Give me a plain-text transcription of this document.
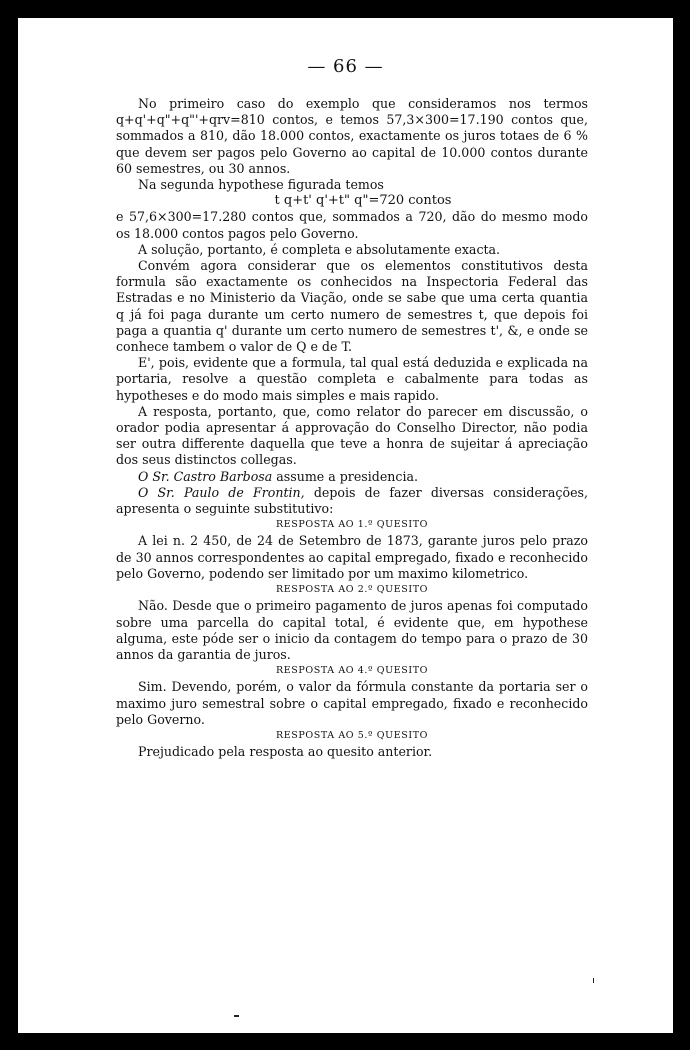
— 66 —

No primeiro caso do exemplo que consideramos nos termos q+q'+q"+q"'+qrv=810 contos, e temos 57,3×300=17.190 contos que, sommados a 810, dão 18.000 contos, exactamente os juros totaes de 6 % que devem ser pagos pelo Governo ao capital de 10.000 contos durante 60 semestres, ou 30 annos.

Na segunda hypothese figurada temos

t q+t' q'+t" q"=720 contos

e 57,6×300=17.280 contos que, sommados a 720, dão do mesmo modo os 18.000 contos pagos pelo Governo.

A solução, portanto, é completa e absolutamente exacta.

Convém agora considerar que os elementos constitutivos desta formula são exactamente os conhecidos na Inspectoria Federal das Estradas e no Ministerio da Viação, onde se sabe que uma certa quantia q já foi paga durante um certo numero de semestres t, que depois foi paga a quantia q' durante um certo numero de semestres t', &, e onde se conhece tambem o valor de Q e de T.

E', pois, evidente que a formula, tal qual está deduzida e explicada na portaria, resolve a questão completa e cabalmente para todas as hypotheses e do modo mais simples e mais rapido.

A resposta, portanto, que, como relator do parecer em discussão, o orador podia apresentar á approvação do Conselho Director, não podia ser outra differente daquella que teve a honra de sujeitar á apreciação dos seus distinctos collegas.

O Sr. Castro Barbosa assume a presidencia.

O Sr. Paulo de Frontin, depois de fazer diversas considerações, apresenta o seguinte substitutivo:

RESPOSTA AO 1.º QUESITO

A lei n. 2 450, de 24 de Setembro de 1873, garante juros pelo prazo de 30 annos correspondentes ao capital empregado, fixado e reconhecido pelo Governo, podendo ser limitado por um maximo kilometrico.

RESPOSTA AO 2.º QUESITO

Não. Desde que o primeiro pagamento de juros apenas foi computado sobre uma parcella do capital total, é evidente que, em hypothese alguma, este póde ser o inicio da contagem do tempo para o prazo de 30 annos da garantia de juros.

RESPOSTA AO 4.º QUESITO

Sim. Devendo, porém, o valor da fórmula constante da portaria ser o maximo juro semestral sobre o capital empregado, fixado e reconhecido pelo Governo.

RESPOSTA AO 5.º QUESITO

Prejudicado pela resposta ao quesito anterior.
